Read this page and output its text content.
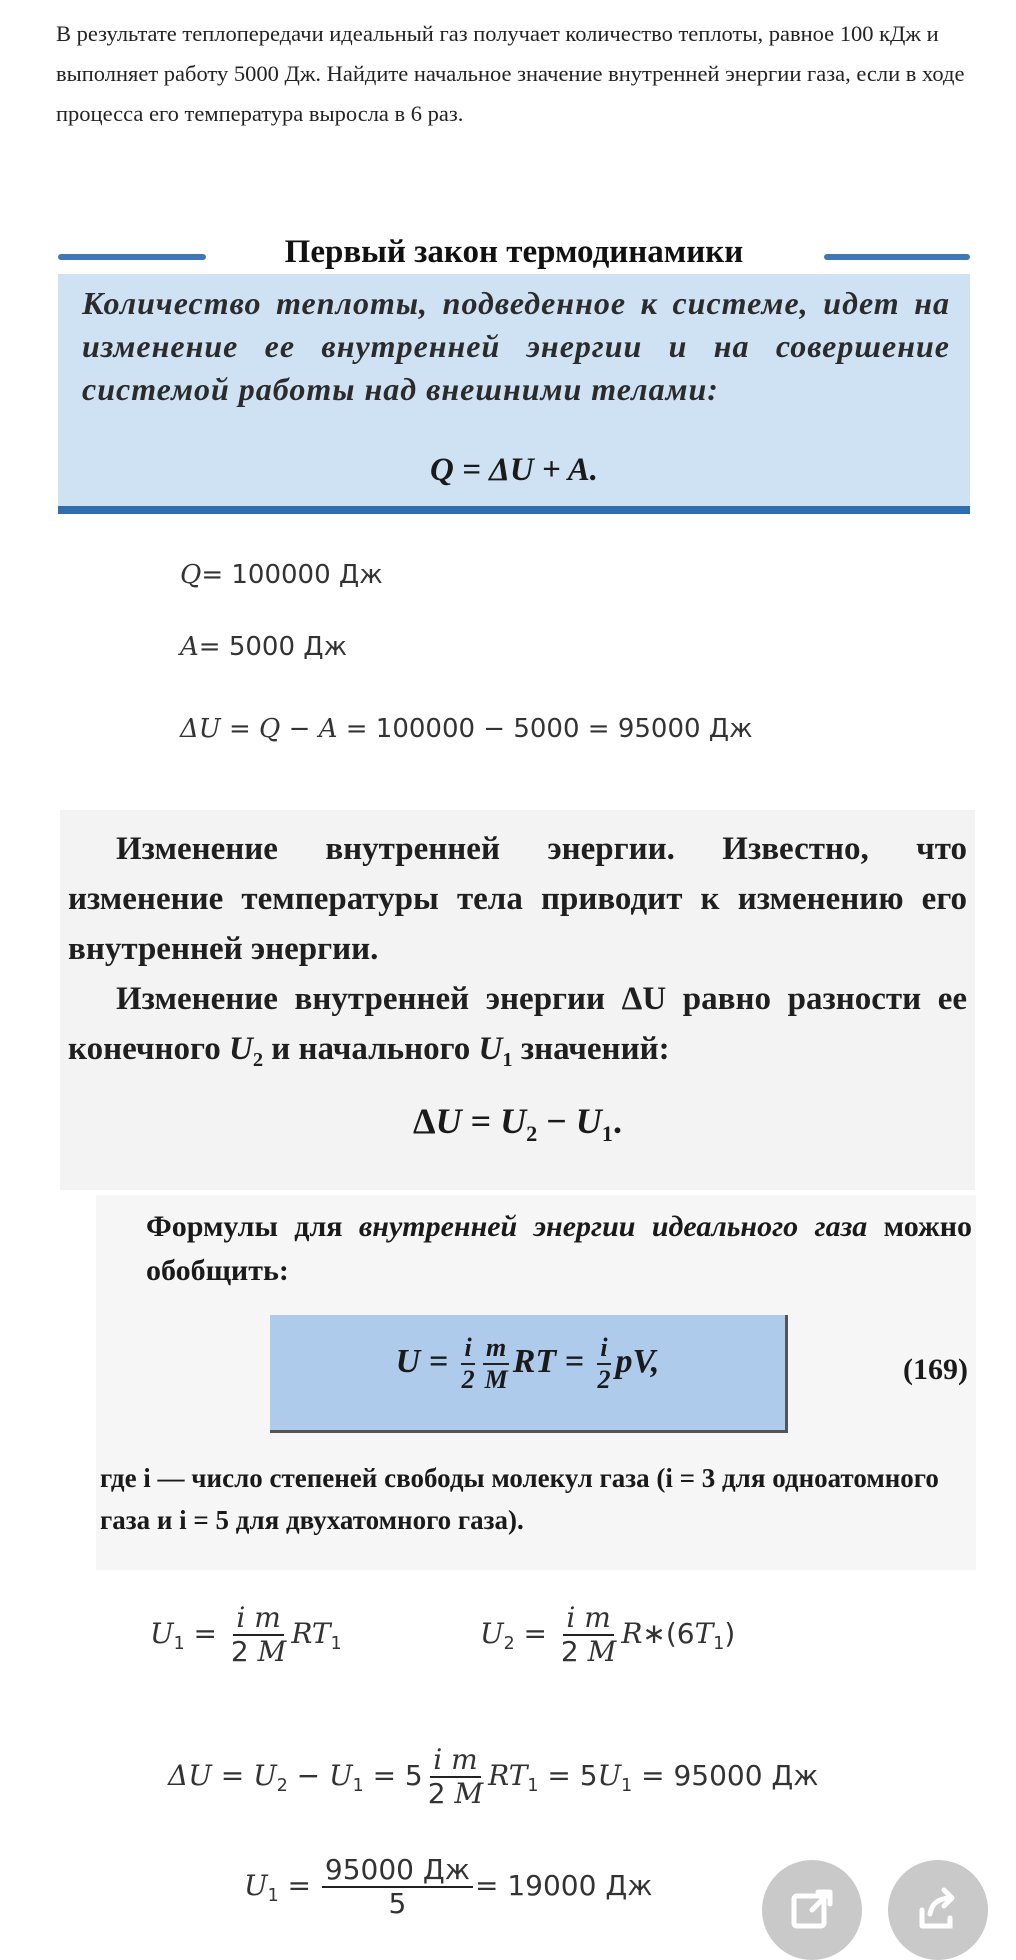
В результате теплопередачи идеальный газ получает количество теплоты, равное 100 кДж и выполняет работу 5000 Дж. Найдите начальное значение внутренней энергии газа, если в ходе процесса его температура выросла в 6 раз.
Первый закон термодинамики
Количество теплоты, подведенное к системе, идет на изменение ее внутренней энергии и на совершение системой работы над внешними телами:
Q = ΔU + A.
Q= 100000 Дж
A= 5000 Дж
ΔU = Q − A = 100000 − 5000 = 95000 Дж
Изменение внутренней энергии. Известно, что изменение температуры тела приводит к изменению его внутренней энергии.
Изменение внутренней энергии ΔU равно разности ее конечного $U_2$ и начального $U_1$ значений:
$\Delta U = U_2 - U_1$.
Формулы для внутренней энергии идеального газа можно обобщить:
$U = \frac{i}{2} \frac{m}{M}$ RT = $\frac{i}{2}$ pV,	(169)
где i — число степеней свободы молекул газа (i = 3 для одноатомного газа и i = 5 для двухатомного газа).
$U_1 = \frac{\text{i m}}{2 M} RT_1$	$U_2 = \frac{\text{i m}}{2 M}$ $R∗(6T_1)$
$\Delta U = U_2 - U_1 = 5 \frac{\text{i m}}{2 M} RT_1 = 5U_1 = 95000$ Дж
$U_1 = \frac{95000 Дж}{5} = 19000$ Дж
